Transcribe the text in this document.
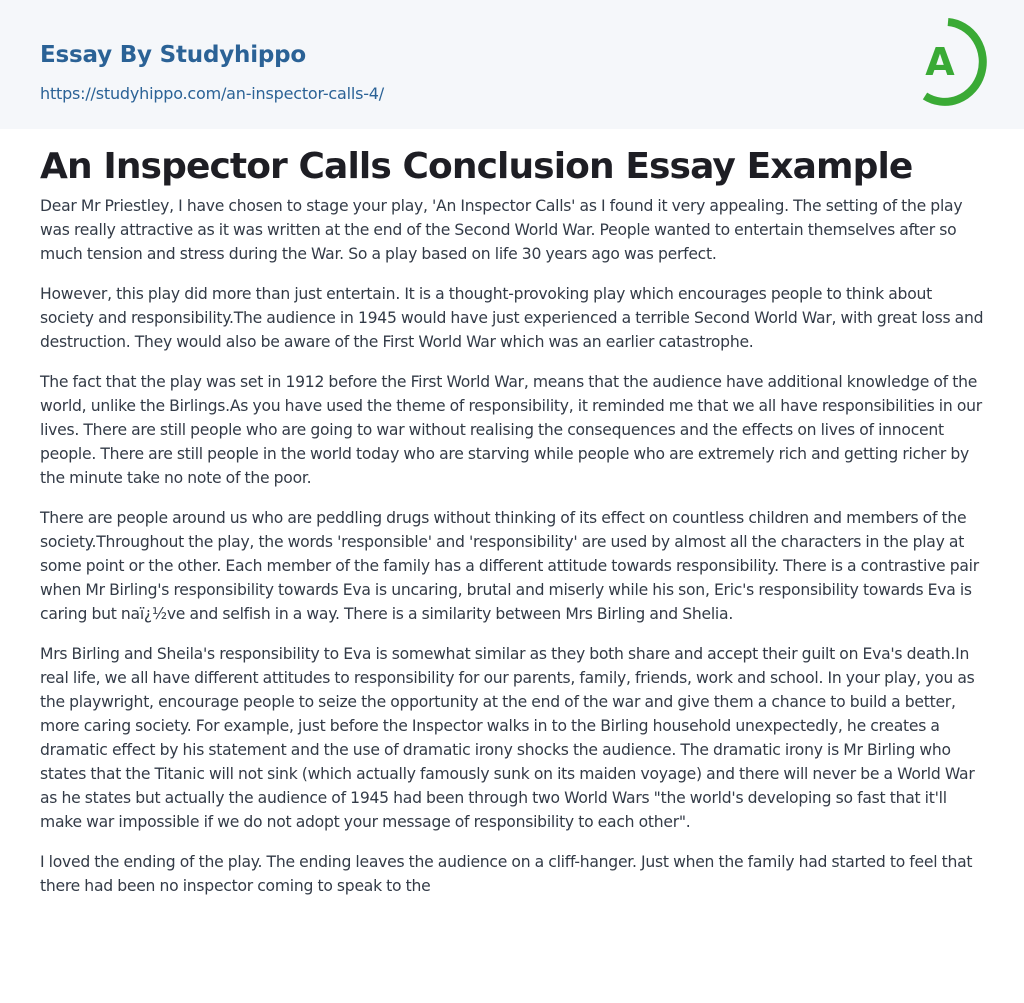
Essay By Studyhippo
https://studyhippo.com/an-inspector-calls-4/
A
An Inspector Calls Conclusion Essay Example

Dear Mr Priestley, I have chosen to stage your play, 'An Inspector Calls' as I found it very appealing. The setting of the play was really attractive as it was written at the end of the Second World War. People wanted to entertain themselves after so much tension and stress during the War. So a play based on life 30 years ago was perfect.

However, this play did more than just entertain. It is a thought-provoking play which encourages people to think about society and responsibility.The audience in 1945 would have just experienced a terrible Second World War, with great loss and destruction. They would also be aware of the First World War which was an earlier catastrophe.

The fact that the play was set in 1912 before the First World War, means that the audience have additional knowledge of the world, unlike the Birlings.As you have used the theme of responsibility, it reminded me that we all have responsibilities in our lives. There are still people who are going to war without realising the consequences and the effects on lives of innocent people. There are still people in the world today who are starving while people who are extremely rich and getting richer by the minute take no note of the poor.

There are people around us who are peddling drugs without thinking of its effect on countless children and members of the society.Throughout the play, the words 'responsible' and 'responsibility' are used by almost all the characters in the play at some point or the other. Each member of the family has a different attitude towards responsibility. There is a contrastive pair when Mr Birling's responsibility towards Eva is uncaring, brutal and miserly while his son, Eric's responsibility towards Eva is caring but naï¿½ve and selfish in a way. There is a similarity between Mrs Birling and Shelia.

Mrs Birling and Sheila's responsibility to Eva is somewhat similar as they both share and accept their guilt on Eva's death.In real life, we all have different attitudes to responsibility for our parents, family, friends, work and school. In your play, you as the playwright, encourage people to seize the opportunity at the end of the war and give them a chance to build a better, more caring society. For example, just before the Inspector walks in to the Birling household unexpectedly, he creates a dramatic effect by his statement and the use of dramatic irony shocks the audience. The dramatic irony is Mr Birling who states that the Titanic will not sink (which actually famously sunk on its maiden voyage) and there will never be a World War as he states but actually the audience of 1945 had been through two World Wars "the world's developing so fast that it'll make war impossible if we do not adopt your message of responsibility to each other".

I loved the ending of the play. The ending leaves the audience on a cliff-hanger. Just when the family had started to feel that there had been no inspector coming to speak to the
